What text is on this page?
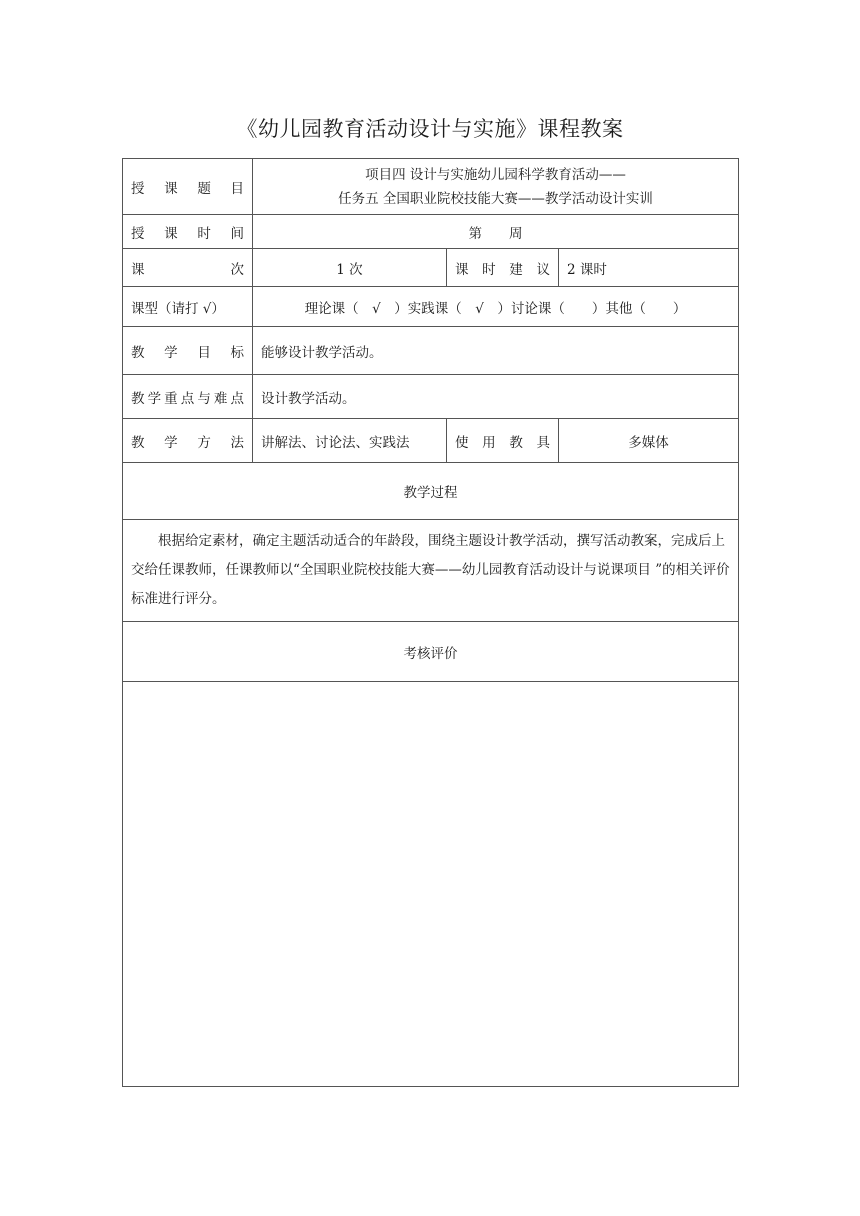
《幼儿园教育活动设计与实施》课程教案
授　课　题　目	项目四 设计与实施幼儿园科学教育活动——
任务五 全国职业院校技能大赛——教学活动设计实训		

授　课　时　间	第　　周		
课　　　　次	1 次	课　时　建　议	2 课时
课型（请打 √）	理论课（　√　）实践课（　√　）讨论课（　　）其他（　　）		
教　学　目　标	能够设计教学活动。		
教学重点与难点	设计教学活动。		
教　学　方　法	讲解法、讨论法、实践法	使　用　教　具	多媒体
教学过程			
根据给定素材，确定主题活动适合的年龄段，围绕主题设计教学活动，撰写活动教案，完成后上交给任课教师，任课教师以“全国职业院校技能大赛——幼儿园教育活动设计与说课项目 ”的相关评价标准进行评分。			
考核评价			
